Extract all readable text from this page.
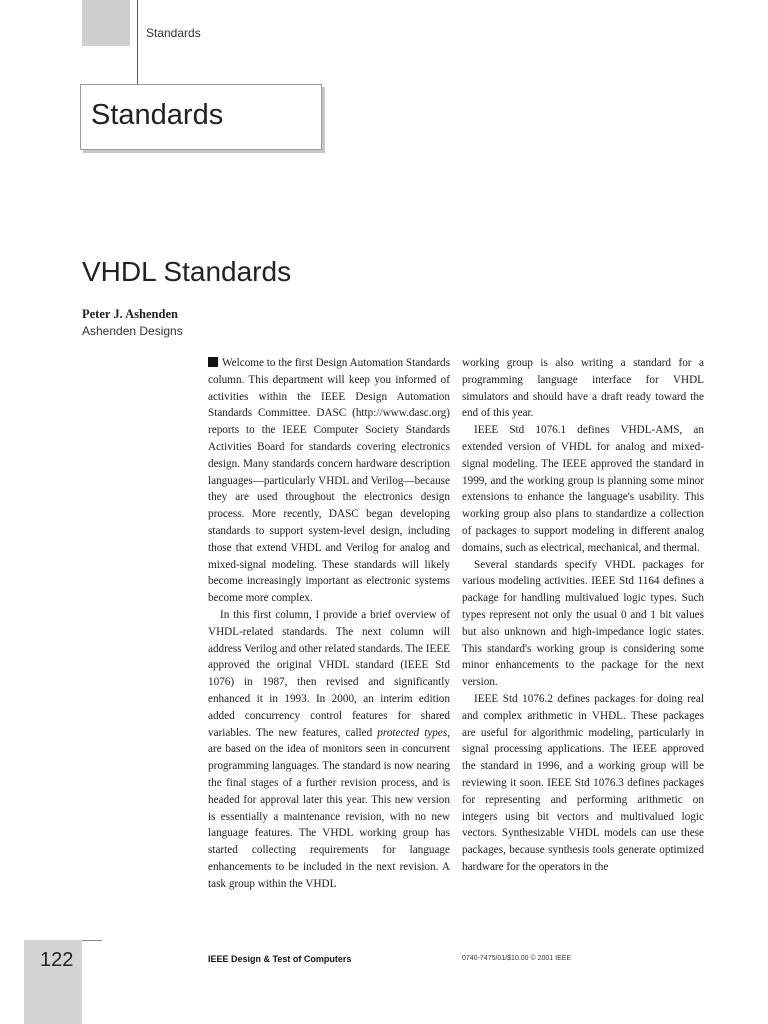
Standards
Standards
VHDL Standards
Peter J. Ashenden
Ashenden Designs

Welcome to the first Design Automation Standards column. This department will keep you informed of activities within the IEEE Design Automation Standards Committee. DASC (http://www.dasc.org) reports to the IEEE Computer Society Standards Activities Board for standards covering electronics design. Many standards concern hardware description languages—particularly VHDL and Verilog—because they are used throughout the electronics design process. More recently, DASC began developing standards to support system-level design, including those that extend VHDL and Verilog for analog and mixed-signal modeling. These standards will likely become increasingly important as electronic systems become more complex.

In this first column, I provide a brief overview of VHDL-related standards. The next column will address Verilog and other related standards. The IEEE approved the original VHDL standard (IEEE Std 1076) in 1987, then revised and significantly enhanced it in 1993. In 2000, an interim edition added concurrency control features for shared variables. The new features, called protected types, are based on the idea of monitors seen in concurrent programming languages. The standard is now nearing the final stages of a further revision process, and is headed for approval later this year. This new version is essentially a maintenance revision, with no new language features. The VHDL working group has started collecting requirements for language enhancements to be included in the next revision. A task group within the VHDL

working group is also writing a standard for a programming language interface for VHDL simulators and should have a draft ready toward the end of this year.

IEEE Std 1076.1 defines VHDL-AMS, an extended version of VHDL for analog and mixed-signal modeling. The IEEE approved the standard in 1999, and the working group is planning some minor extensions to enhance the language's usability. This working group also plans to standardize a collection of packages to support modeling in different analog domains, such as electrical, mechanical, and thermal.

Several standards specify VHDL packages for various modeling activities. IEEE Std 1164 defines a package for handling multivalued logic types. Such types represent not only the usual 0 and 1 bit values but also unknown and high-impedance logic states. This standard's working group is considering some minor enhancements to the package for the next version.

IEEE Std 1076.2 defines packages for doing real and complex arithmetic in VHDL. These packages are useful for algorithmic modeling, particularly in signal processing applications. The IEEE approved the standard in 1996, and a working group will be reviewing it soon. IEEE Std 1076.3 defines packages for representing and performing arithmetic on integers using bit vectors and multivalued logic vectors. Synthesizable VHDL models can use these packages, because synthesis tools generate optimized hardware for the operators in the

122	IEEE Design & Test of Computers	0740-7475/01/$10.00 © 2001 IEEE
